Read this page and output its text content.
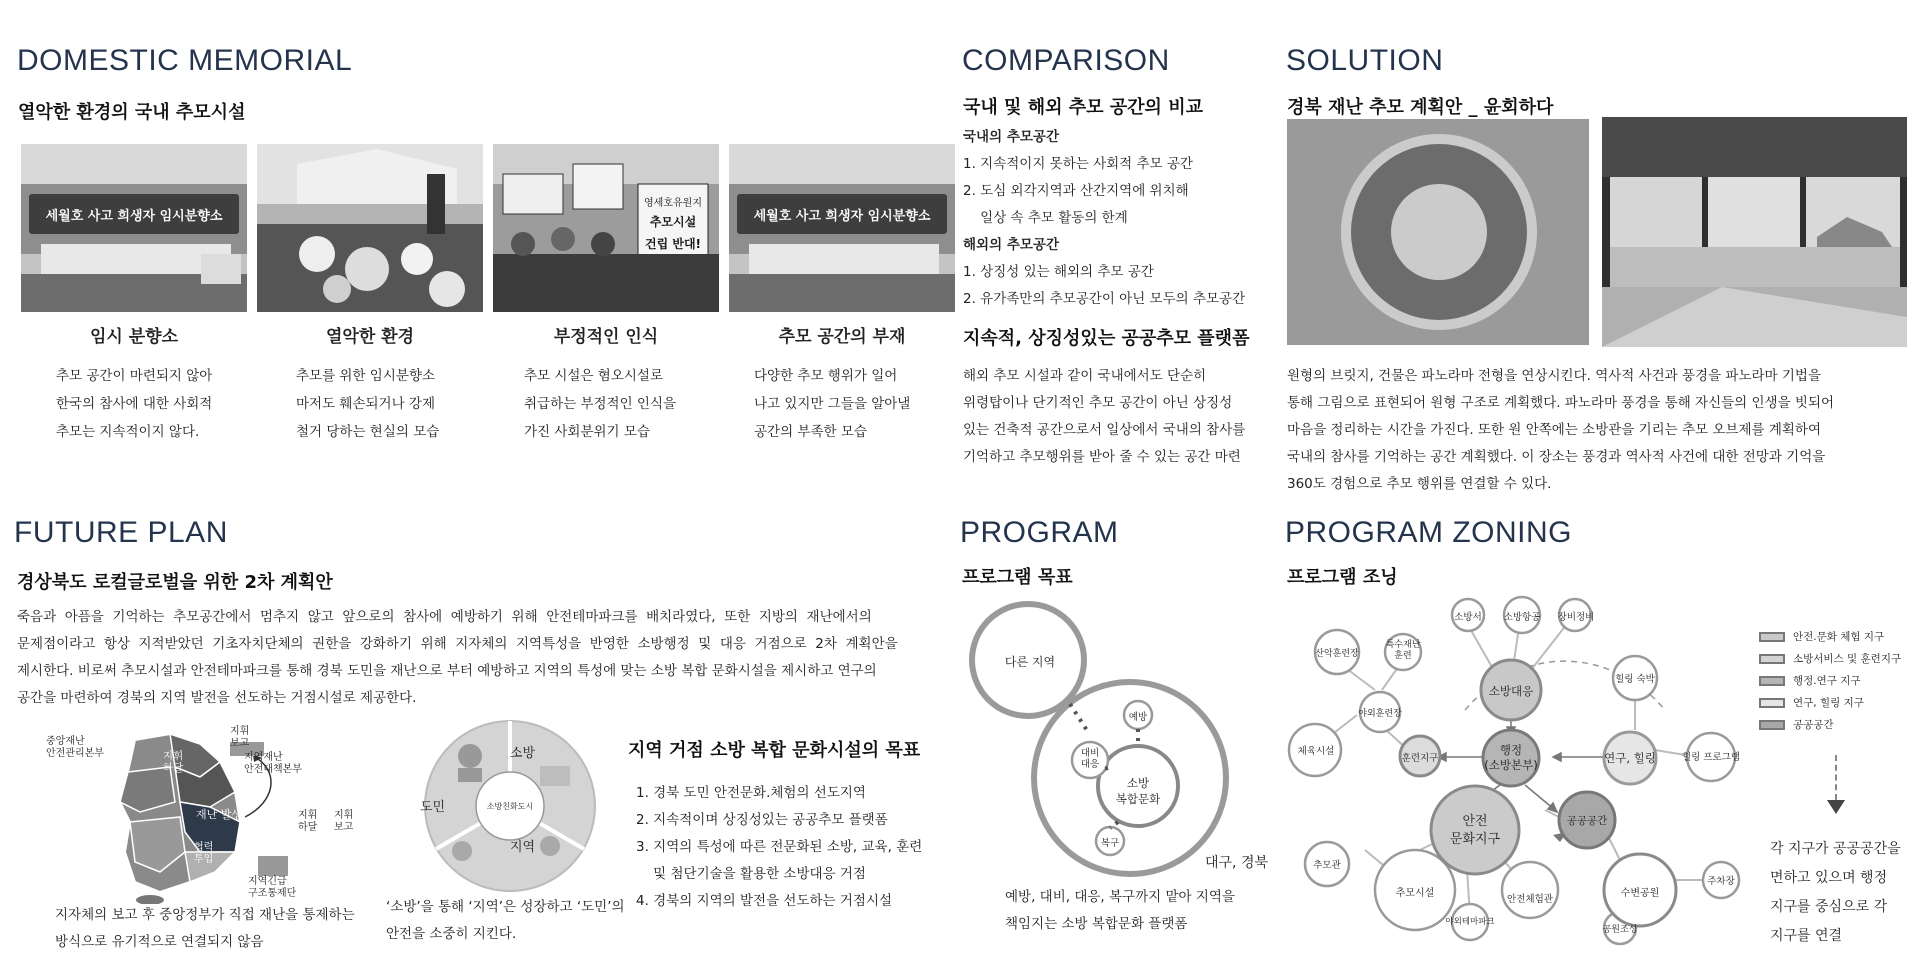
DOMESTIC MEMORIAL
열악한 환경의 국내 추모시설
세월호 사고 희생자 임시분향소
영세호유원지
추모시설
건립 반대!
세월호 사고 희생자 임시분향소
임시 분향소	열악한 환경	부정적인 인식	추모 공간의 부재
추모 공간이 마련되지 않아
한국의 참사에 대한 사회적
추모는 지속적이지 않다.
추모를 위한 임시분향소
마저도 훼손되거나 강제
철거 당하는 현실의 모습
추모 시설은 혐오시설로
취급하는 부정적인 인식을
가진 사회분위기 모습
다양한 추모 행위가 일어
나고 있지만 그들을 알아낼
공간의 부족한 모습
COMPARISON
국내 및 해외 추모 공간의 비교
국내의 추모공간
1. 지속적이지 못하는 사회적 추모 공간
2. 도심 외각지역과 산간지역에 위치해
일상 속 추모 활동의 한계
해외의 추모공간
1. 상징성 있는 해외의 추모 공간
2. 유가족만의 추모공간이 아닌 모두의 추모공간
지속적, 상징성있는 공공추모 플랫폼
해외 추모 시설과 같이 국내에서도 단순히
위령탑이나 단기적인 추모 공간이 아닌 상징성
있는 건축적 공간으로서 일상에서 국내의 참사를
기억하고 추모행위를 받아 줄 수 있는 공간 마련
SOLUTION
경북 재난 추모 계획안 _ 윤회하다
원형의 브릿지, 건물은 파노라마 전형을 연상시킨다. 역사적 사건과 풍경을 파노라마 기법을
통해 그림으로 표현되어 원형 구조로 계획했다. 파노라마 풍경을 통해 자신들의 인생을 빗되어
마음을 정리하는 시간을 가진다. 또한 원 안쪽에는 소방관을 기리는 추모 오브제를 계획하여
국내의 참사를 기억하는 공간 계획했다. 이 장소는 풍경과 역사적 사건에 대한 전망과 기억을
360도 경험으로 추모 행위를 연결할 수 있다.
FUTURE PLAN
경상북도 로컬글로벌을 위한 2차 계획안
죽음과  아픔을  기억하는  추모공간에서  멈추지  않고  앞으로의  참사에  예방하기  위해  안전테마파크를  배치라였다,  또한  지방의  재난에서의
문제점이라고  항상  지적받았던  기초자치단체의  권한을  강화하기  위해  지자체의  지역특성을  반영한  소방행정  및  대응  거점으로  2차  계획안을
제시한다. 비로써 추모시설과 안전테마파크를 통해 경북 도민을 재난으로 부터 예방하고 지역의 특성에 맞는 소방 복합 문화시설을 제시하고 연구의
공간을 마련하여 경북의 지역 발전을 선도하는 거점시설로 제공한다.
중앙재난
안전관리본부
지휘
보고
지역재난
안전대책본부
지휘
하달
재난 발생	지휘
하달
지휘
보고
협력
투입
지역긴급
구조통제단
지자체의 보고 후 중앙정부가 직접 재난을 통제하는
방식으로 유기적으로 연결되지 않음
소방친화도시
소방
도민
지역
‘소방’을 통해 ‘지역’은 성장하고 ‘도민’의
안전을 소중히 지킨다.
지역 거점 소방 복합 문화시설의 목표
1. 경북 도민 안전문화.체험의 선도지역
2. 지속적이며 상징성있는 공공추모 플랫폼
3. 지역의 특성에 따른 전문화된 소방, 교육, 훈련
및 첨단기술을 활용한 소방대응 거점
4. 경북의 지역의 발전을 선도하는 거점시설
PROGRAM
프로그램 목표
다른 지역
예방
대비
대응
복구
소방
복합문화
대구, 경북
예방, 대비, 대응, 복구까지 맡아 지역을
책임지는 소방 복합문화 플랫폼
PROGRAM ZONING
프로그램 조닝
소방서	소방항공	장비정비
산악훈련장
특수재난
훈련
야외훈련장
체육시설
소방대응
훈련지구
행정
(소방본부)	연구, 힐링
힐링 숙박
힐링 프로그램
안전
문화지구
공공공간
추모관
추모시설
야외테마파크
안전체험관
수변공원
주차장
공원조성
안전.문화 체험 지구
소방서비스 및 훈련지구
행정.연구 지구
연구, 힐링 지구
공공공간
각 지구가 공공공간을
면하고 있으며 행정
지구를 중심으로 각
지구를 연결
